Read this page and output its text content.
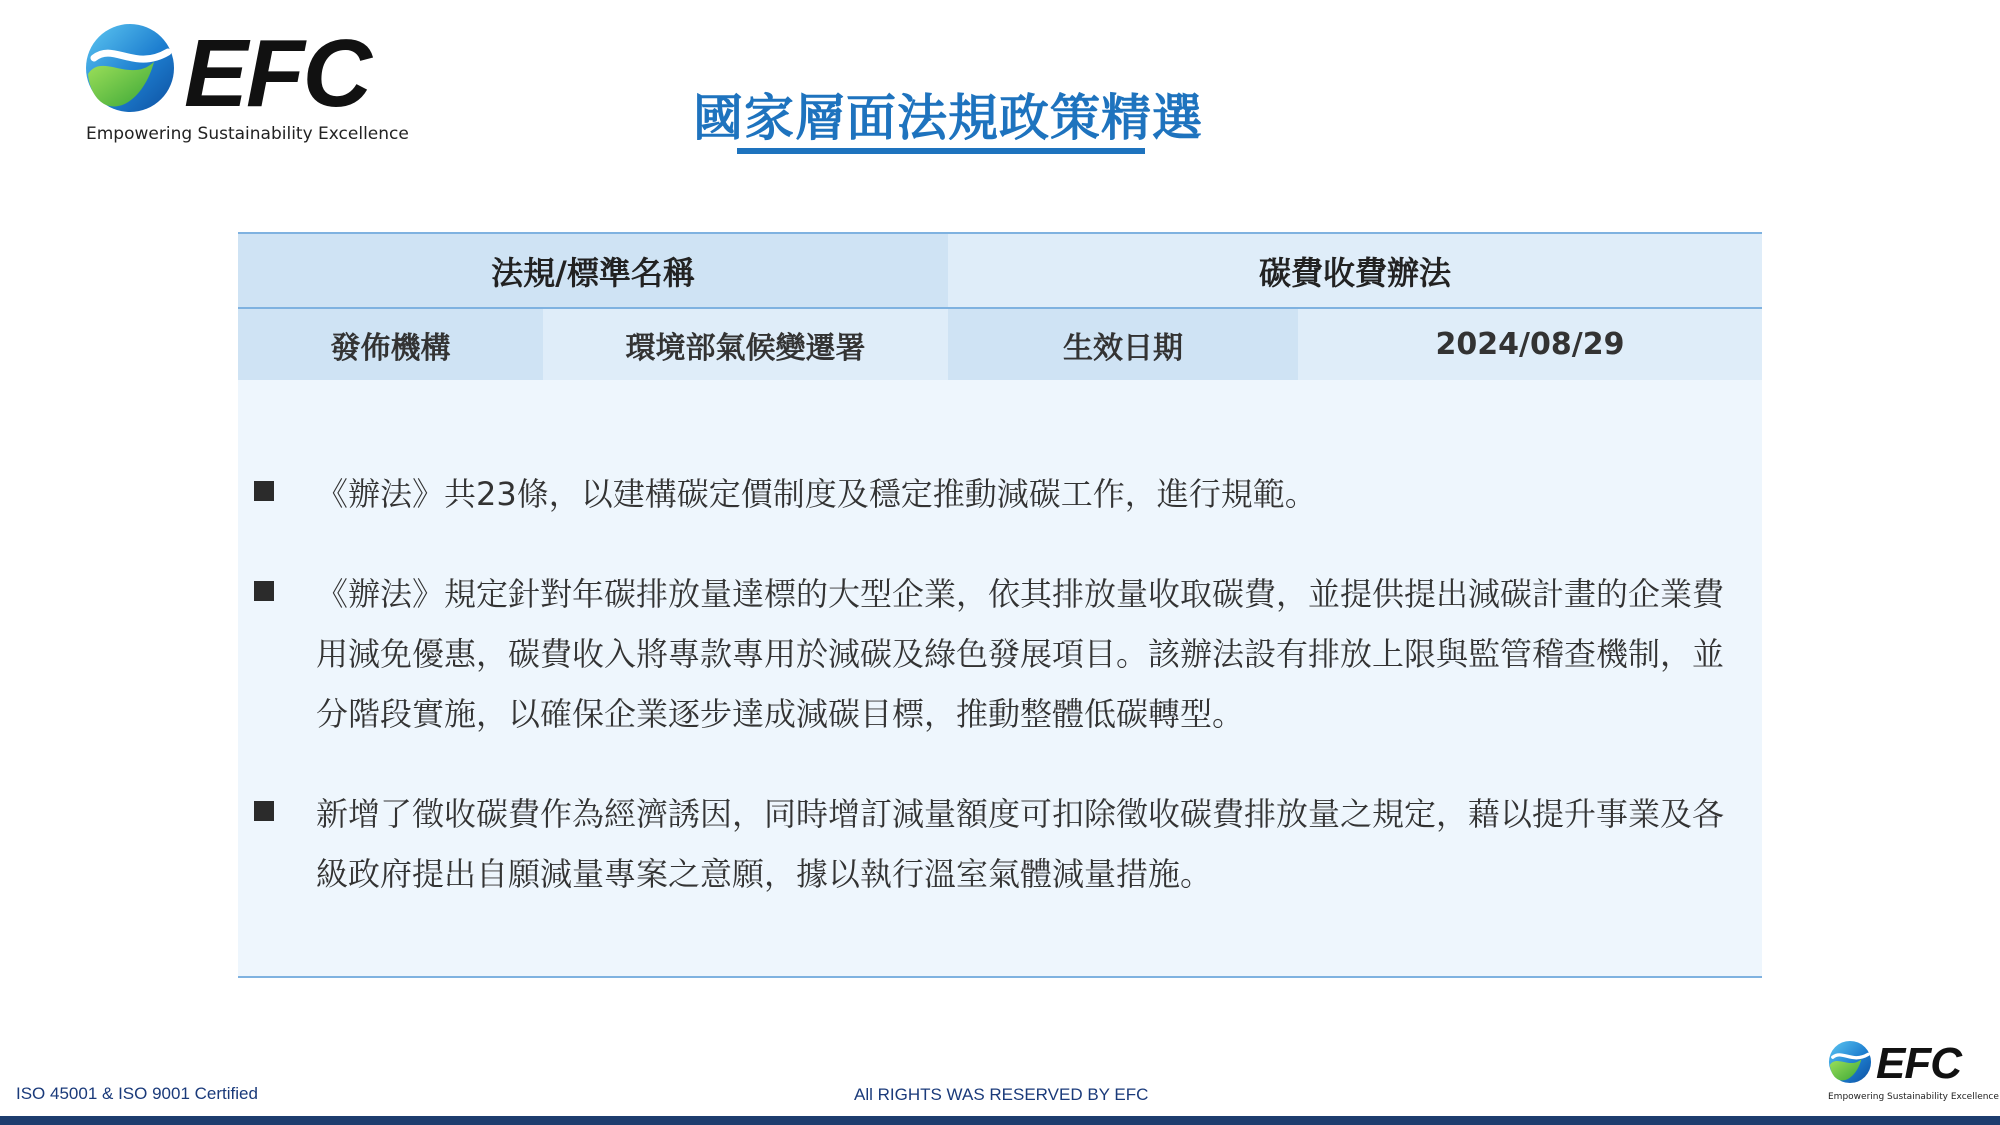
EFC
Empowering Sustainability Excellence	國家層面法規政策精選
法規/標準名稱	碳費收費辦法
發佈機構	環境部氣候變遷署	生效日期	2024/08/29
《辦法》共23條，以建構碳定價制度及穩定推動減碳工作，進行規範。
《辦法》規定針對年碳排放量達標的大型企業，依其排放量收取碳費，並提供提出減碳計畫的企業費用減免優惠，碳費收入將專款專用於減碳及綠色發展項目。該辦法設有排放上限與監管稽查機制，並分階段實施，以確保企業逐步達成減碳目標，推動整體低碳轉型。
新增了徵收碳費作為經濟誘因，同時增訂減量額度可扣除徵收碳費排放量之規定，藉以提升事業及各級政府提出自願減量專案之意願，據以執行溫室氣體減量措施。
ISO 45001 & ISO 9001 Certified	All RIGHTS WAS RESERVED BY EFC
EFC
Empowering Sustainability Excellence
